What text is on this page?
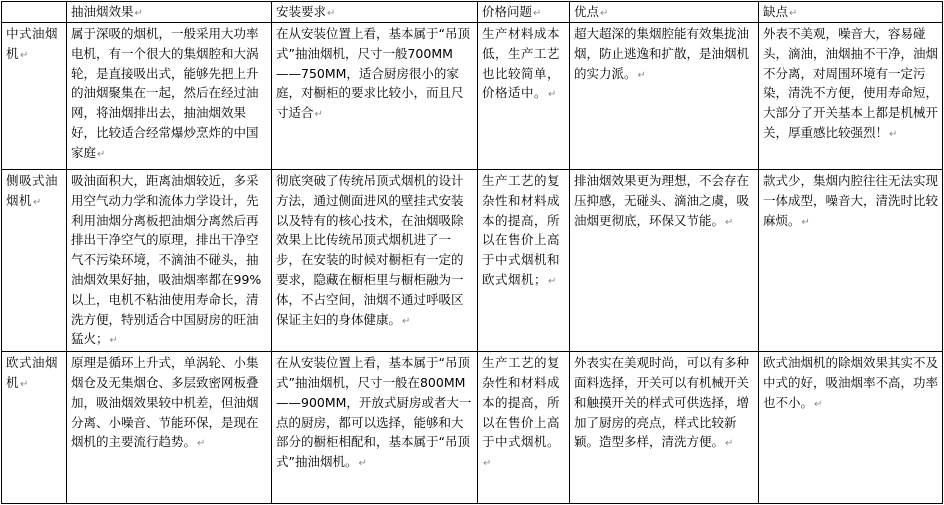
	抽油烟效果↵	安装要求↵	价格问题↵	优点↵	缺点↵
中式油烟机↵	属于深吸的烟机，一般采用大功率电机，有一个很大的集烟腔和大涡轮，是直接吸出式，能够先把上升的油烟聚集在一起，然后在经过油网，将油烟排出去，抽油烟效果好，比较适合经常爆炒烹炸的中国家庭↵	在从安装位置上看，基本属于“吊顶式”抽油烟机，尺寸一般700MM——750MM，适合厨房很小的家庭，对橱柜的要求比较小，而且尺寸适合↵	生产材料成本低，生产工艺也比较简单，价格适中。↵	超大超深的集烟腔能有效集拢油烟，防止逃逸和扩散，是油烟机的实力派。↵	外表不美观，噪音大，容易碰头，滴油，油烟抽不干净，油烟不分离，对周围环境有一定污染，清洗不方便，使用寿命短，大部分了开关基本上都是机械开关，厚重感比较强烈！↵
侧吸式油烟机↵	吸油面积大，距离油烟较近，多采用空气动力学和流体力学设计，先利用油烟分离板把油烟分离然后再排出干净空气的原理，排出干净空气不污染环境，不滴油不碰头，抽油烟效果好抽，吸油烟率都在99%以上，电机不粘油使用寿命长，清洗方便，特别适合中国厨房的旺油猛火；↵	彻底突破了传统吊顶式烟机的设计方法，通过侧面进风的壁挂式安装以及特有的核心技术，在油烟吸除效果上比传统吊顶式烟机进了一步，在安装的时候对橱柜有一定的要求，隐藏在橱柜里与橱柜融为一体，不占空间，油烟不通过呼吸区保证主妇的身体健康。↵	生产工艺的复杂性和材料成本的提高，所以在售价上高于中式烟机和欧式烟机；↵	排油烟效果更为理想，不会存在压抑感，无碰头、滴油之虞，吸油烟更彻底，环保又节能。↵	款式少，集烟内腔往往无法实现一体成型，噪音大，清洗时比较麻烦。↵
欧式油烟机↵	原理是循环上升式，单涡轮、小集烟仓及无集烟仓、多层致密网板叠加，吸油烟效果较中机差，但油烟分离、小噪音、节能环保，是现在烟机的主要流行趋势。↵	在从安装位置上看，基本属于“吊顶式”抽油烟机，尺寸一般在800MM——900MM，开放式厨房或者大一点的厨房，都可以选择，能够和大部分的橱柜相配和，基本属于“吊顶式”抽油烟机。↵	生产工艺的复杂性和材料成本的提高，所以在售价上高于中式烟机。↵	外表实在美观时尚，可以有多种面料选择，开关可以有机械开关和触摸开关的样式可供选择，增加了厨房的亮点，样式比较新颖。造型多样，清洗方便。↵	欧式油烟机的除烟效果其实不及中式的好，吸油烟率不高，功率也不小。↵
